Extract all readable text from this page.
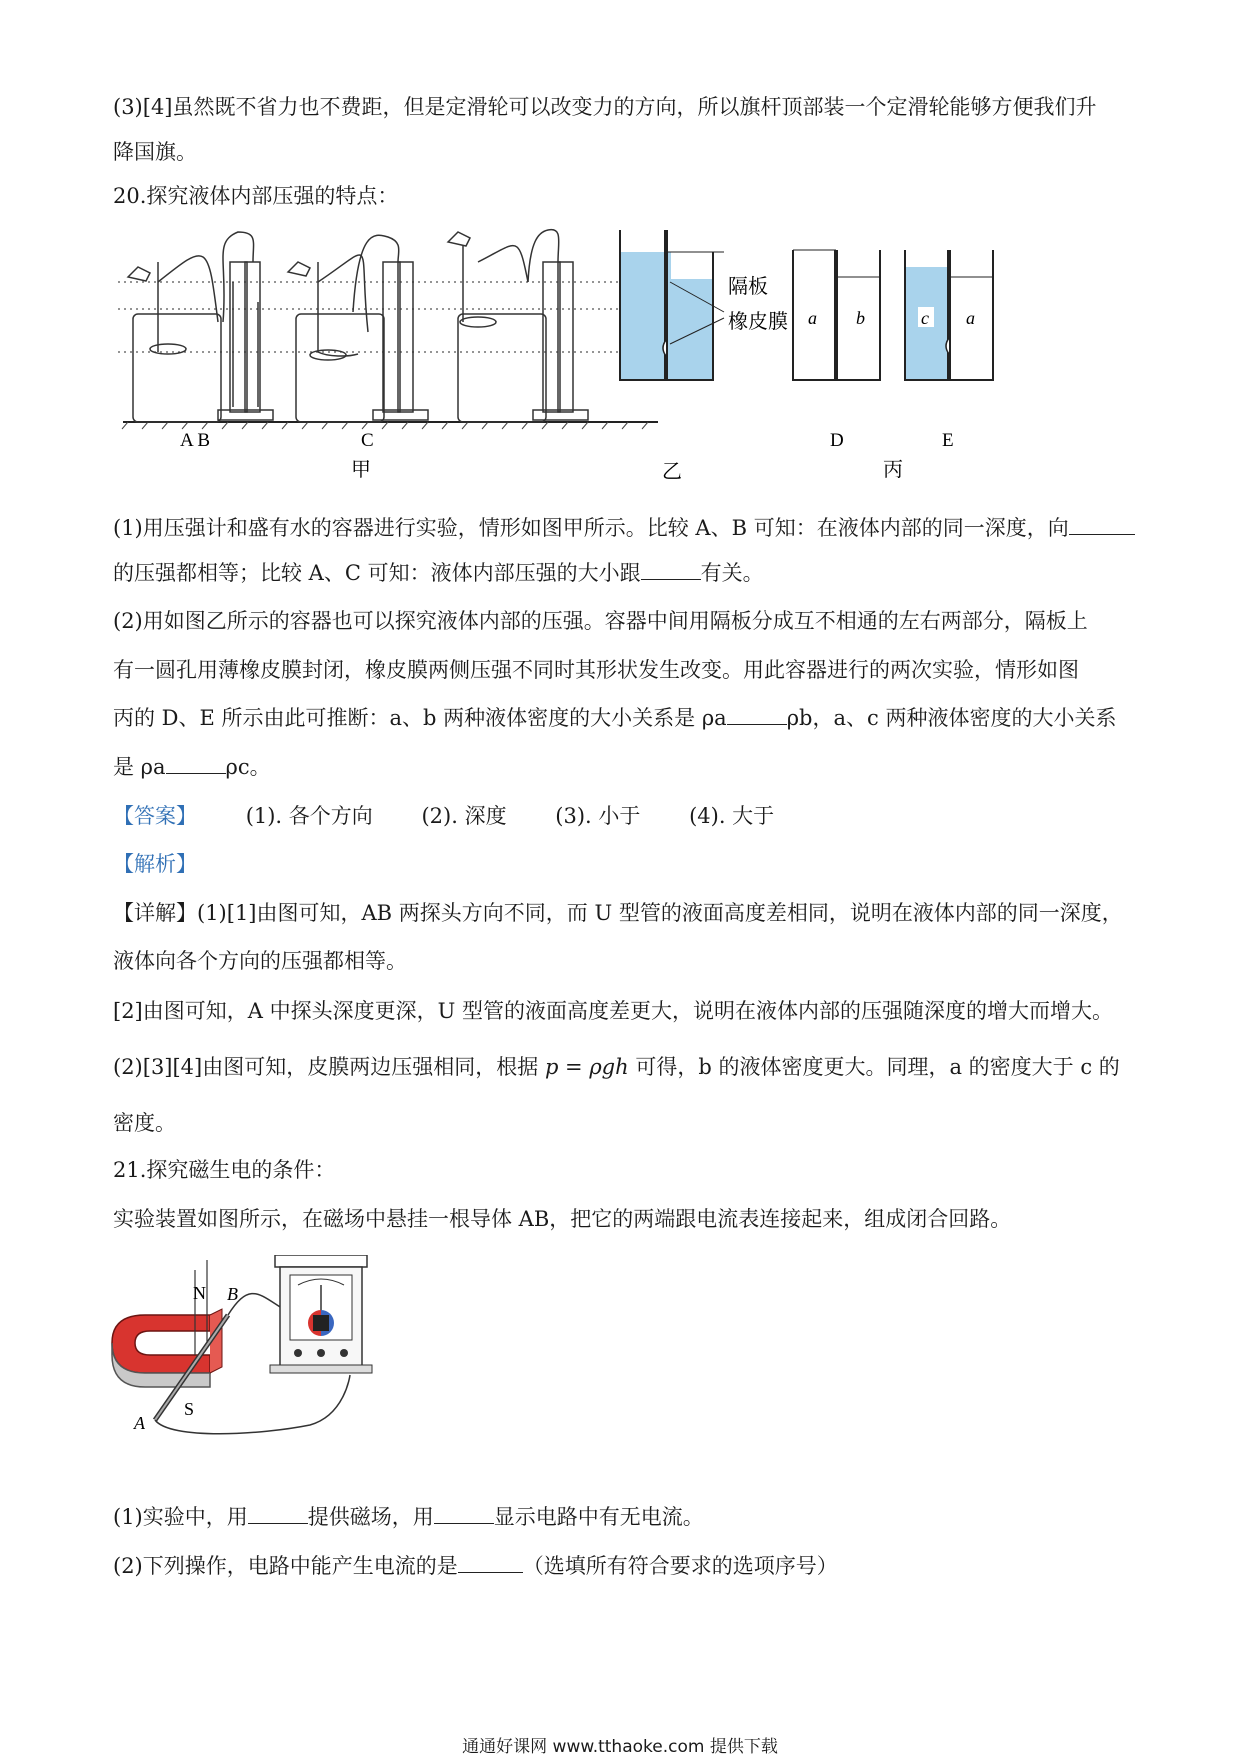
(3)[4]虽然既不省力也不费距，但是定滑轮可以改变力的方向，所以旗杆顶部装一个定滑轮能够方便我们升
降国旗。
20.探究液体内部压强的特点：
隔板
橡皮膜 a b	c a
A B	C
甲	乙
D	E
丙
(1)用压强计和盛有水的容器进行实验，情形如图甲所示。比较 A、B 可知：在液体内部的同一深度，向
的压强都相等；比较 A、C 可知：液体内部压强的大小跟	有关。
(2)用如图乙所示的容器也可以探究液体内部的压强。容器中间用隔板分成互不相通的左右两部分，隔板上
有一圆孔用薄橡皮膜封闭，橡皮膜两侧压强不同时其形状发生改变。用此容器进行的两次实验，情形如图
丙的 D、E 所示由此可推断：a、b 两种液体密度的大小关系是 ρa	ρb，a、c 两种液体密度的大小关系
是 ρa	ρc。
【答案】 (1). 各个方向 (2). 深度 (3). 小于 (4). 大于
【解析】
【详解】(1)[1]由图可知，AB 两探头方向不同，而 U 型管的液面高度差相同，说明在液体内部的同一深度，
液体向各个方向的压强都相等。
[2]由图可知，A 中探头深度更深，U 型管的液面高度差更大，说明在液体内部的压强随深度的增大而增大。
(2)[3][4]由图可知，皮膜两边压强相同，根据 p = ρgh 可得，b 的液体密度更大。同理，a 的密度大于 c 的
密度。
21.探究磁生电的条件：
实验装置如图所示，在磁场中悬挂一根导体 AB，把它的两端跟电流表连接起来，组成闭合回路。
N B
S
A
(1)实验中，用	提供磁场，用	显示电路中有无电流。
(2)下列操作，电路中能产生电流的是	（选填所有符合要求的选项序号）
通通好课网 www.tthaoke.com 提供下载
